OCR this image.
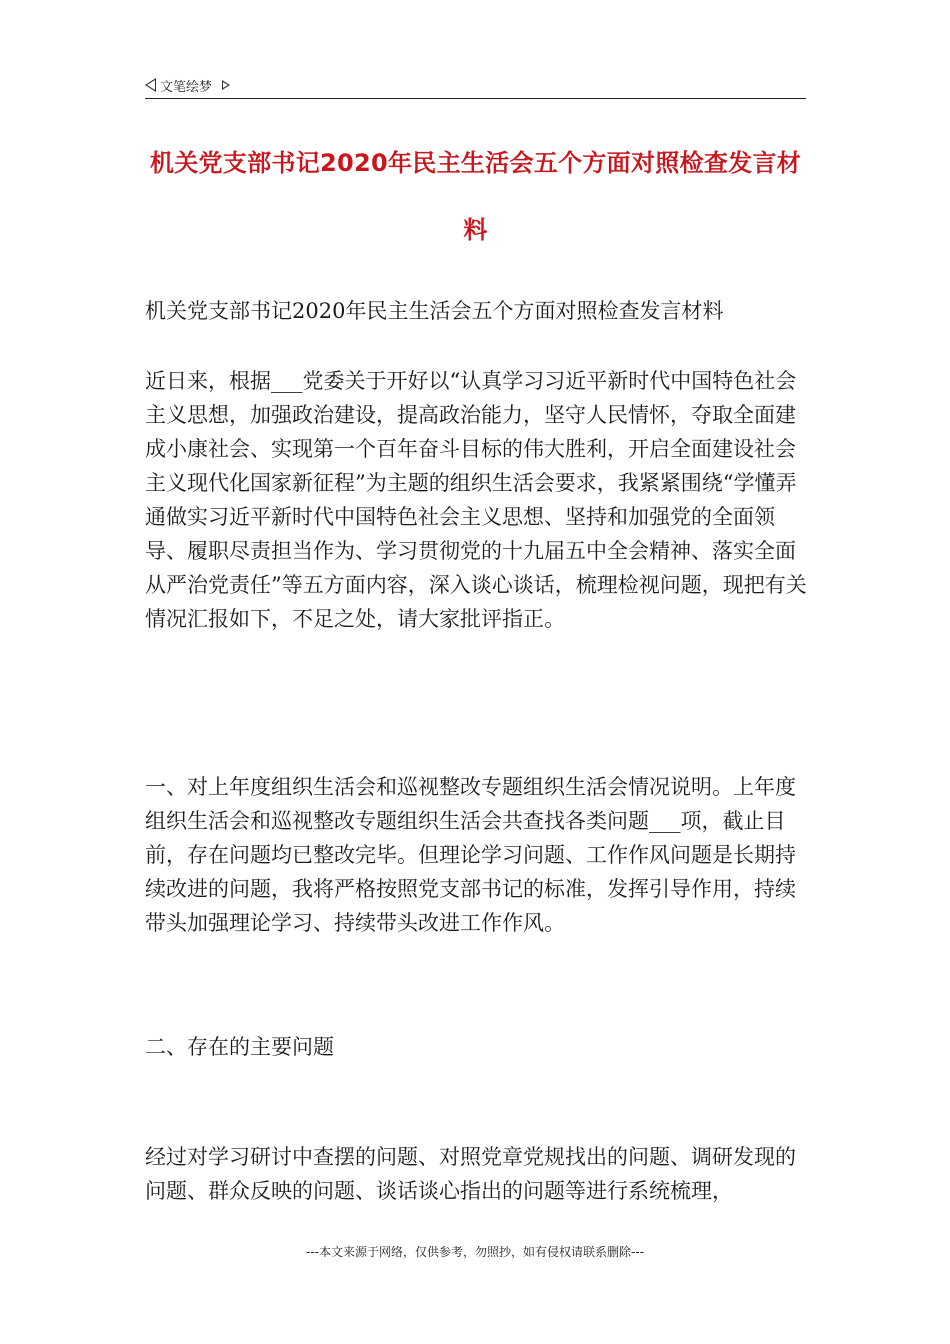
文笔绘梦
机关党支部书记2020年民主生活会五个方面对照检查发言材料

机关党支部书记2020年民主生活会五个方面对照检查发言材料

近日来，根据___党委关于开好以“认真学习习近平新时代中国特色社会主义思想，加强政治建设，提高政治能力，坚守人民情怀，夺取全面建成小康社会、实现第一个百年奋斗目标的伟大胜利，开启全面建设社会主义现代化国家新征程”为主题的组织生活会要求，我紧紧围绕“学懂弄通做实习近平新时代中国特色社会主义思想、坚持和加强党的全面领导、履职尽责担当作为、学习贯彻党的十九届五中全会精神、落实全面从严治党责任”等五方面内容，深入谈心谈话，梳理检视问题，现把有关情况汇报如下，不足之处，请大家批评指正。

一、对上年度组织生活会和巡视整改专题组织生活会情况说明。上年度组织生活会和巡视整改专题组织生活会共查找各类问题___项，截止目前，存在问题均已整改完毕。但理论学习问题、工作作风问题是长期持续改进的问题，我将严格按照党支部书记的标准，发挥引导作用，持续带头加强理论学习、持续带头改进工作作风。

二、存在的主要问题

经过对学习研讨中查摆的问题、对照党章党规找出的问题、调研发现的问题、群众反映的问题、谈话谈心指出的问题等进行系统梳理，

---本文来源于网络，仅供参考，勿照抄，如有侵权请联系删除---
